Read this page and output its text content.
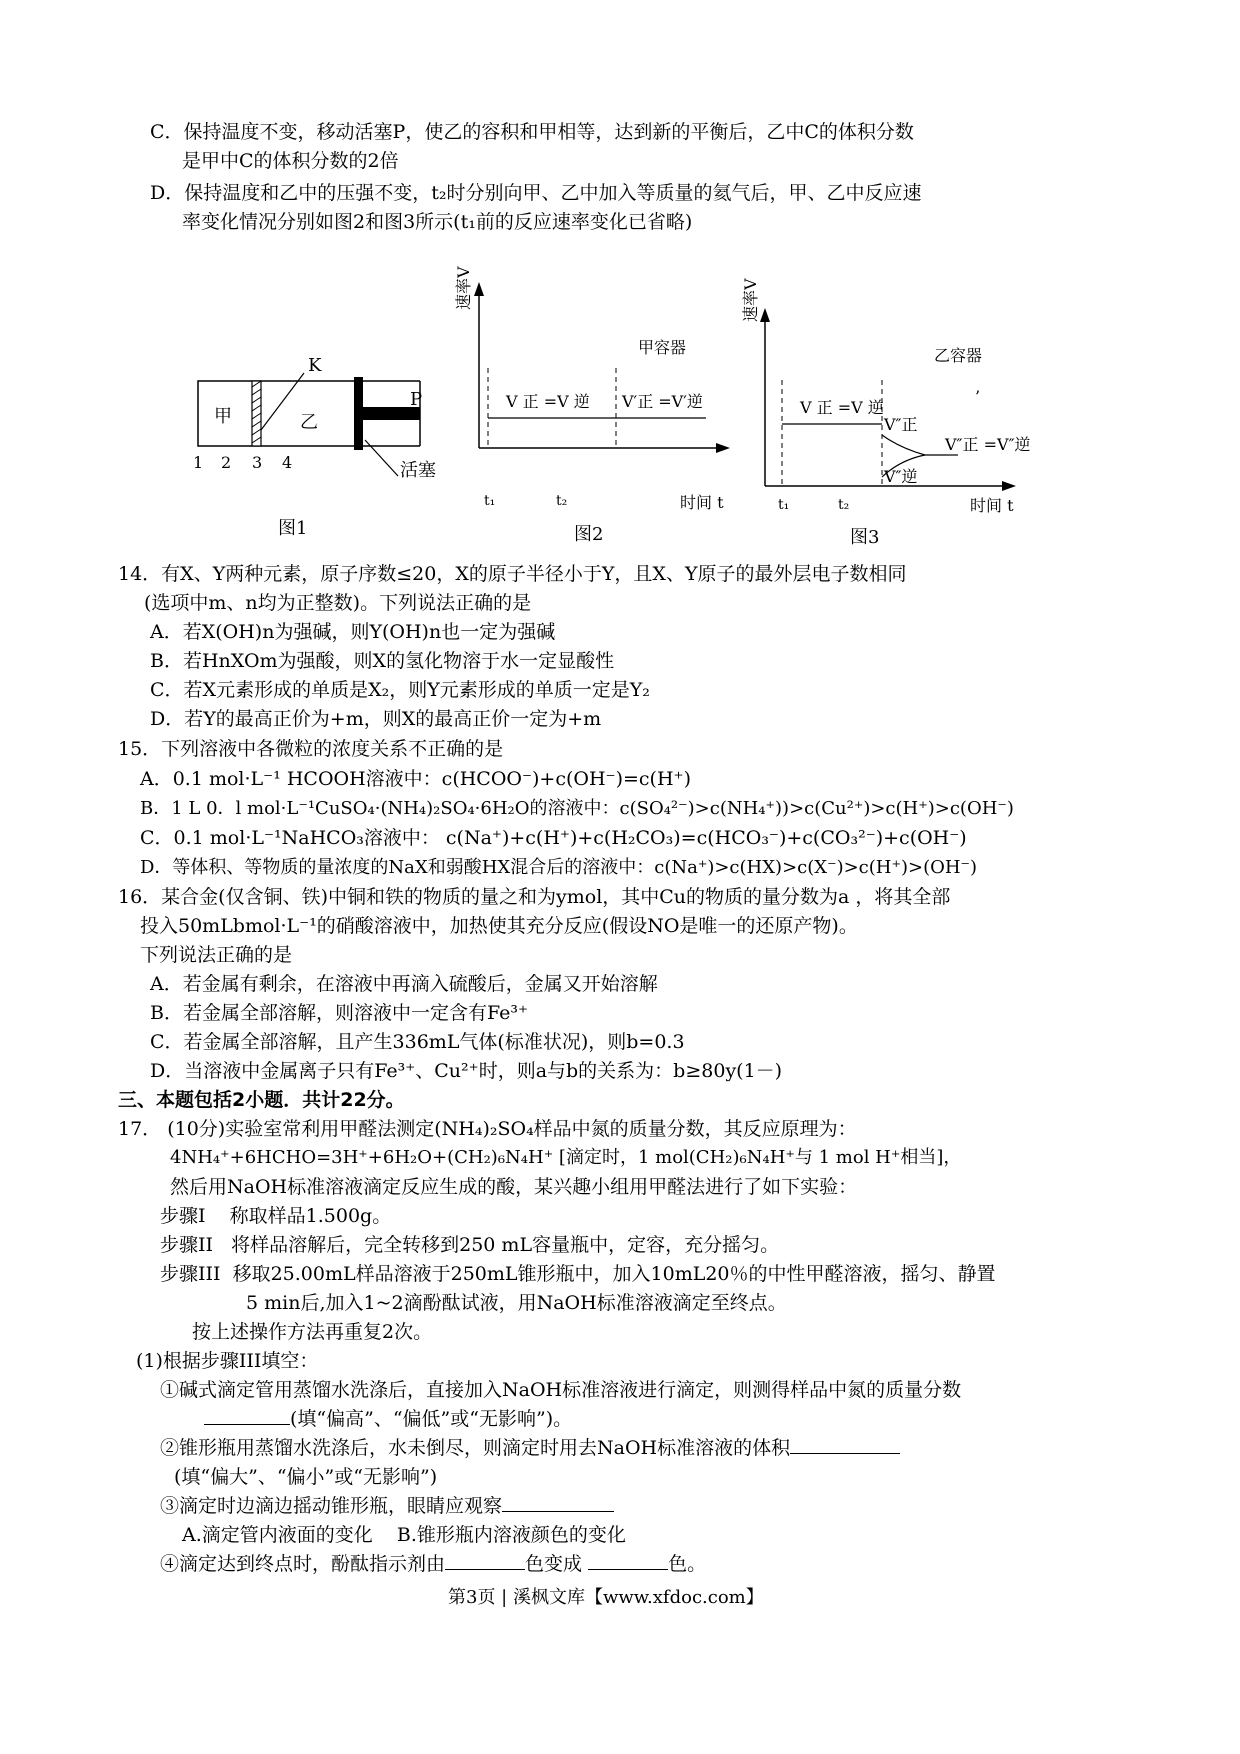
C．保持温度不变，移动活塞P，使乙的容积和甲相等，达到新的平衡后，乙中C的体积分数
是甲中C的体积分数的2倍
D．保持温度和乙中的压强不变，t₂时分别向甲、乙中加入等质量的氦气后，甲、乙中反应速
率变化情况分别如图2和图3所示(t₁前的反应速率变化已省略)
甲	乙
K
P
活塞
1 2 3 4
图1
速率V
甲容器
V 正 =V 逆 V′正 =V′逆
t₁	t₂	时间 t
图2
速率V
乙容器
’
V 正 =V 逆
V″正
V″逆
V″正 =V″逆
t₁	t₂	时间 t
图3
14．有X、Y两种元素，原子序数≤20，X的原子半径小于Y，且X、Y原子的最外层电子数相同
(选项中m、n均为正整数)。下列说法正确的是
A．若X(OH)n为强碱，则Y(OH)n也一定为强碱
B．若HnXOm为强酸，则X的氢化物溶于水一定显酸性
C．若X元素形成的单质是X₂，则Y元素形成的单质一定是Y₂
D．若Y的最高正价为+m，则X的最高正价一定为+m
15．下列溶液中各微粒的浓度关系不正确的是
A．0.1 mol·L⁻¹ HCOOH溶液中：c(HCOO⁻)+c(OH⁻)=c(H⁺)
B．1 L 0．l mol·L⁻¹CuSO₄·(NH₄)₂SO₄·6H₂O的溶液中：c(SO₄²⁻)>c(NH₄⁺))>c(Cu²⁺)>c(H⁺)>c(OH⁻)
C．0.1 mol·L⁻¹NaHCO₃溶液中： c(Na⁺)+c(H⁺)+c(H₂CO₃)=c(HCO₃⁻)+c(CO₃²⁻)+c(OH⁻)
D．等体积、等物质的量浓度的NaX和弱酸HX混合后的溶液中：c(Na⁺)>c(HX)>c(X⁻)>c(H⁺)>(OH⁻)
16．某合金(仅含铜、铁)中铜和铁的物质的量之和为ymol，其中Cu的物质的量分数为a ，将其全部
投入50mLbmol·L⁻¹的硝酸溶液中，加热使其充分反应(假设NO是唯一的还原产物)。
下列说法正确的是
A．若金属有剩余，在溶液中再滴入硫酸后，金属又开始溶解
B．若金属全部溶解，则溶液中一定含有Fe³⁺
C．若金属全部溶解，且产生336mL气体(标准状况)，则b=0.3
D．当溶液中金属离子只有Fe³⁺、Cu²⁺时，则a与b的关系为：b≥80y(1－)
三、本题包括2小题．共计22分。
17． (10分)实验室常利用甲醛法测定(NH₄)₂SO₄样品中氮的质量分数，其反应原理为：
4NH₄⁺+6HCHO=3H⁺+6H₂O+(CH₂)₆N₄H⁺ [滴定时，1 mol(CH₂)₆N₄H⁺与 1 mol H⁺相当]，
然后用NaOH标准溶液滴定反应生成的酸，某兴趣小组用甲醛法进行了如下实验：
步骤I    称取样品1.500g。
步骤II   将样品溶解后，完全转移到250 mL容量瓶中，定容，充分摇匀。
步骤III  移取25.00mL样品溶液于250mL锥形瓶中，加入10mL20％的中性甲醛溶液，摇匀、静置
5 min后,加入1~2滴酚酞试液，用NaOH标准溶液滴定至终点。
按上述操作方法再重复2次。
(1)根据步骤III填空：
①碱式滴定管用蒸馏水洗涤后，直接加入NaOH标准溶液进行滴定，则测得样品中氮的质量分数
(填“偏高”、“偏低”或“无影响”)。
②锥形瓶用蒸馏水洗涤后，水未倒尽，则滴定时用去NaOH标准溶液的体积
(填“偏大”、“偏小”或“无影响”)
③滴定时边滴边摇动锥形瓶，眼睛应观察
A.滴定管内液面的变化    B.锥形瓶内溶液颜色的变化
④滴定达到终点时，酚酞指示剂由	色变成	色。
第3页 | 溪枫文库【www.xfdoc.com】
